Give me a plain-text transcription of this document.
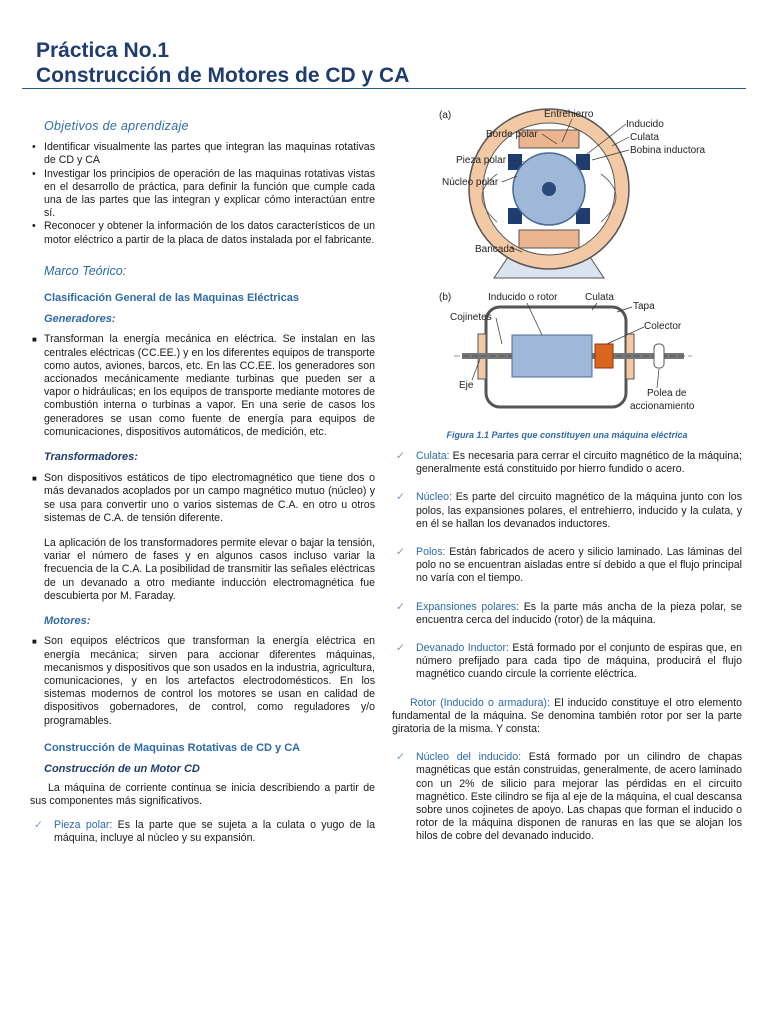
Práctica No.1
Construcción de Motores de CD y CA
Objetivos de aprendizaje
• Identificar visualmente las partes que integran las maquinas rotativas de CD y CA
• Investigar los principios de operación de las maquinas rotativas vistas en el desarrollo de práctica, para definir la función que cumple cada una de las partes que las integran y explicar cómo interactúan entre sí.
• Reconocer y obtener la información de los datos característicos de un motor eléctrico a partir de la placa de datos instalada por el fabricante.
Marco Teórico:
Clasificación General de las Maquinas Eléctricas
Generadores:
■ Transforman la energía mecánica en eléctrica. Se instalan en las centrales eléctricas (CC.EE.) y en los diferentes equipos de transporte como autos, aviones, barcos, etc. En las CC.EE. los generadores son accionados mecánicamente mediante turbinas que pueden ser a vapor o hidráulicas; en los equipos de transporte mediante motores de combustión interna o turbinas a vapor. En una serie de casos los generadores se usan como fuente de energía para equipos de comunicaciones, dispositivos automáticos, de medición, etc.
Transformadores:
■ Son dispositivos estáticos de tipo electromagnético que tiene dos o más devanados acoplados por un campo magnético mutuo (núcleo) y se usa para convertir uno o varios sistemas de C.A. en otro u otros sistemas de C.A. de tensión diferente.
La aplicación de los transformadores permite elevar o bajar la tensión, variar el número de fases y en algunos casos incluso variar la frecuencia de la C.A. La posibilidad de transmitir las señales eléctricas de un devanado a otro mediante inducción electromagnética fue descubierta por M. Faraday.
Motores:
■ Son equipos eléctricos que transforman la energía eléctrica en energía mecánica; sirven para accionar diferentes máquinas, mecanismos y dispositivos que son usados en la industria, agricultura, comunicaciones, y en los artefactos electrodomésticos. En los sistemas modernos de control los motores se usan en calidad de dispositivos gobernadores, de control, como reguladores y/o programables.
Construcción de Maquinas Rotativas de CD y CA
Construcción de un Motor CD
La máquina de corriente continua se inicia describiendo a partir de sus componentes más significativos.
✓ Pieza polar: Es la parte que se sujeta a la culata o yugo de la máquina, incluye al núcleo y su expansión.
(a)	Entrehierro
Inducido
Borde polar	Culata
Bobina inductora
Pieza polar
Núcleo polar
Bancada
(b)	Inducido o rotor	Culata
Tapa
Cojinetes
Colector
Eje
Polea de
accionamiento
Figura 1.1 Partes que constituyen una máquina eléctrica
✓ Culata: Es necesaria para cerrar el circuito magnético de la máquina; generalmente está constituido por hierro fundido o acero.
✓ Núcleo: Es parte del circuito magnético de la máquina junto con los polos, las expansiones polares, el entrehierro, inducido y la culata, y en él se hallan los devanados inductores.
✓ Polos: Están fabricados de acero y silicio laminado. Las láminas del polo no se encuentran aisladas entre sí debido a que el flujo principal no varía con el tiempo.
✓ Expansiones polares: Es la parte más ancha de la pieza polar, se encuentra cerca del inducido (rotor) de la máquina.
✓ Devanado Inductor: Está formado por el conjunto de espiras que, en número prefijado para cada tipo de máquina, producirá el flujo magnético cuando circule la corriente eléctrica.
Rotor (Inducido o armadura): El inducido constituye el otro elemento fundamental de la máquina. Se denomina también rotor por ser la parte giratoria de la misma. Y consta:
✓ Núcleo del inducido: Está formado por un cilindro de chapas magnéticas que están construidas, generalmente, de acero laminado con un 2% de silicio para mejorar las pérdidas en el circuito magnético. Este cilindro se fija al eje de la máquina, el cual descansa sobre unos cojinetes de apoyo. Las chapas que forman el inducido o rotor de la máquina disponen de ranuras en las que se alojan los hilos de cobre del devanado inducido.
